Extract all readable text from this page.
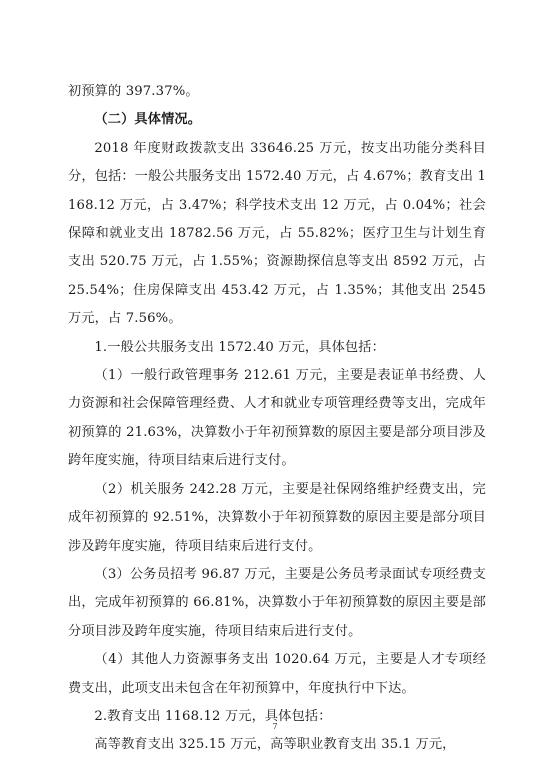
初预算的 397.37%。

（二）具体情况。

2018 年度财政拨款支出 33646.25 万元，按支出功能分类科目分，包括：一般公共服务支出 1572.40 万元，占 4.67%；教育支出 1168.12 万元，占 3.47%；科学技术支出 12 万元，占 0.04%；社会保障和就业支出 18782.56 万元，占 55.82%；医疗卫生与计划生育支出 520.75 万元，占 1.55%；资源勘探信息等支出 8592 万元，占 25.54%；住房保障支出 453.42 万元，占 1.35%；其他支出 2545 万元，占 7.56%。

1.一般公共服务支出 1572.40 万元，具体包括：

（1）一般行政管理事务 212.61 万元，主要是表证单书经费、人力资源和社会保障管理经费、人才和就业专项管理经费等支出，完成年初预算的 21.63%，决算数小于年初预算数的原因主要是部分项目涉及跨年度实施，待项目结束后进行支付。

（2）机关服务 242.28 万元，主要是社保网络维护经费支出，完成年初预算的 92.51%，决算数小于年初预算数的原因主要是部分项目涉及跨年度实施，待项目结束后进行支付。

（3）公务员招考 96.87 万元，主要是公务员考录面试专项经费支出，完成年初预算的 66.81%，决算数小于年初预算数的原因主要是部分项目涉及跨年度实施，待项目结束后进行支付。

（4）其他人力资源事务支出 1020.64 万元，主要是人才专项经费支出，此项支出未包含在年初预算中，年度执行中下达。

2.教育支出 1168.12 万元，具体包括：

高等教育支出 325.15 万元，高等职业教育支出 35.1 万元，

7
